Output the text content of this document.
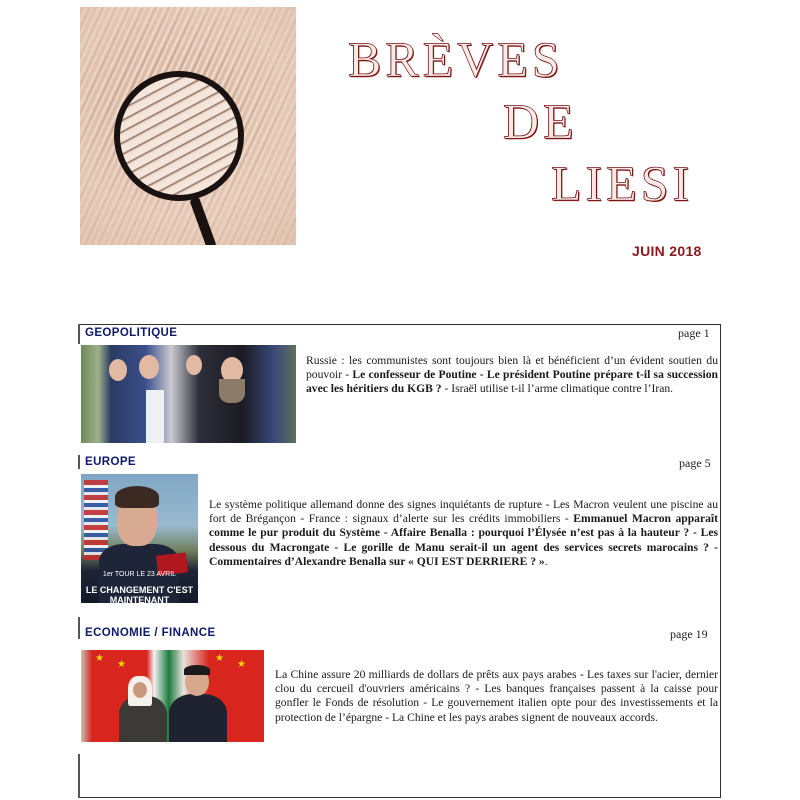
BRÈVES
DE
LIESI
JUIN 2018
GEOPOLITIQUE	page 1
Russie : les communistes sont toujours bien là et bénéficient d’un évident soutien du pouvoir - Le confesseur de Poutine - Le président Poutine prépare t-il sa succession avec les héritiers du KGB ? - Israël utilise t-il l’arme climatique contre l’Iran.
EUROPE	page 5
1er TOUR LE 23 AVRIL
LE CHANGEMENT C'EST MAINTENANT
Le système politique allemand donne des signes inquiétants de rupture - Les Macron veulent une piscine au fort de Brégançon - France : signaux d’alerte sur les crédits immobiliers - Emmanuel Macron apparaît comme le pur produit du Système - Affaire Benalla : pourquoi l’Élysée n’est pas à la hauteur ? - Les dessous du Macrongate - Le gorille de Manu serait-il un agent des services secrets marocains ? - Commentaires d’Alexandre Benalla sur « QUI EST DERRIERE ? ».
ECONOMIE / FINANCE	page 19
★
★
★
★
La Chine assure 20 milliards de dollars de prêts aux pays arabes - Les taxes sur l'acier, dernier clou du cercueil d'ouvriers américains ? - Les banques françaises passent à la caisse pour gonfler le Fonds de résolution - Le gouvernement italien opte pour des investissements et la protection de l’épargne - La Chine et les pays arabes signent de nouveaux accords.
